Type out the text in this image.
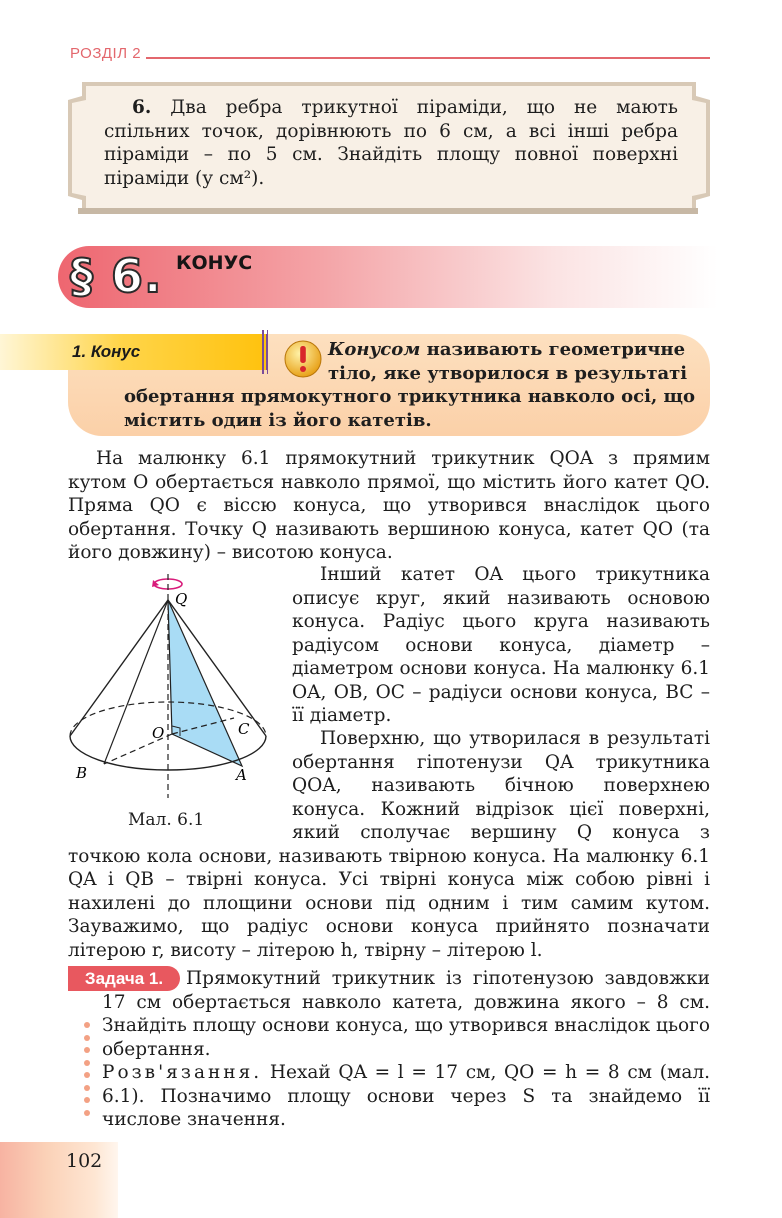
РОЗДІЛ 2

6. Два ребра трикутної піраміди, що не мають спільних точок, дорівнюють по 6 см, а всі інші ребра піраміди – по 5 см. Знайдіть площу повної поверхні піраміди (у см²).

§ 6. КОНУС
1. Конус	Конусом називають геометричне
тіло, яке утворилося в результаті
обертання прямокутного трикутника навколо осі, що
містить один із його катетів.

На малюнку 6.1 прямокутний трикутник QOA з прямим кутом O обертається навколо прямої, що містить його катет QO. Пряма QO є віссю конуса, що утворився внаслідок цього обертання. Точку Q називають вершиною конуса, катет QO (та його довжину) – висотою конуса.

Q
O	C
B	A
Мал. 6.1

Інший катет OA цього трикутника описує круг, який називають основою конуса. Радіус цього круга називають радіусом основи конуса, діаметр – діаметром основи конуса. На малюнку 6.1 OA, OB, OC – радіуси основи конуса, BC – її діаметр.

Поверхню, що утворилася в результаті обертання гіпотенузи QA трикутника QOA, називають бічною поверхнею конуса. Кожний відрізок цієї поверхні, який сполучає вершину Q конуса з точкою кола основи, називають твірною конуса. На малюнку 6.1 QA і QB – твірні конуса. Усі твірні конуса між собою рівні і нахилені до площини основи під одним і тим самим кутом. Зауважимо, що радіус основи конуса прийнято позначати літерою r, висоту – літерою h, твірну – літерою l.

Задача 1.	Прямокутний трикутник із гіпотенузою завдовжки 17 см обертається навколо катета, довжина якого – 8 см. Знайдіть площу основи конуса, що утворився внаслідок цього обертання.

Розв'язання. Нехай QA = l = 17 см, QO = h = 8 см (мал. 6.1). Позначимо площу основи через S та знайдемо її числове значення.

102
